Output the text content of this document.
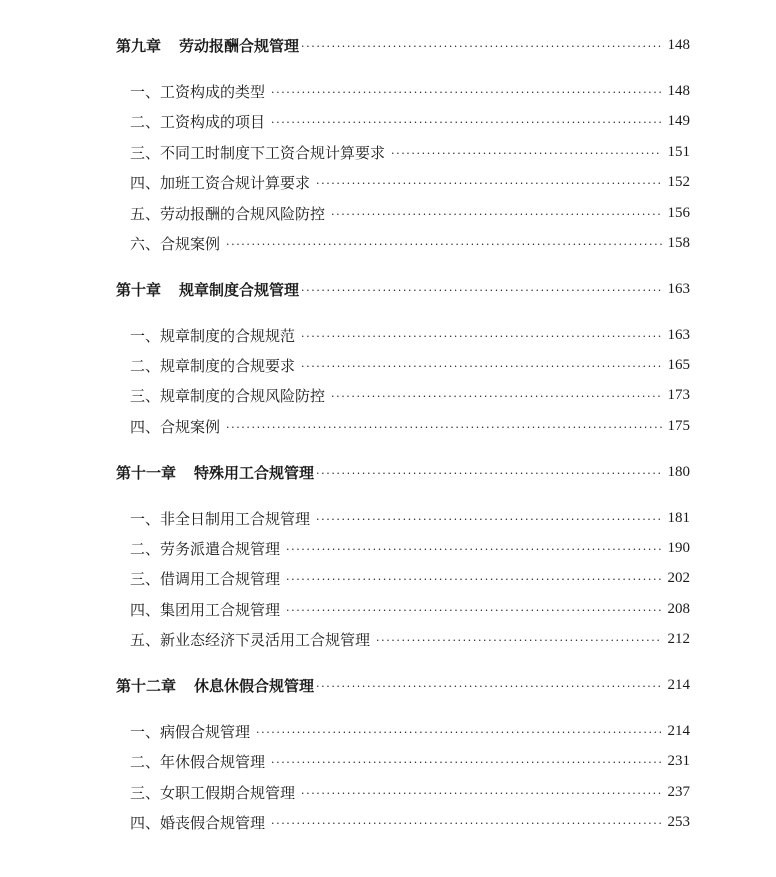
第九章 劳动报酬合规管理 ·····	148
一、工资构成的类型 ·····	148
二、工资构成的项目 ·····	149
三、不同工时制度下工资合规计算要求 ·····	151
四、加班工资合规计算要求 ·····	152
五、劳动报酬的合规风险防控 ·····	156
六、合规案例 ·····	158
第十章 规章制度合规管理 ·····	163
一、规章制度的合规规范 ·····	163
二、规章制度的合规要求 ·····	165
三、规章制度的合规风险防控 ·····	173
四、合规案例 ·····	175
第十一章 特殊用工合规管理 ·····	180
一、非全日制用工合规管理 ·····	181
二、劳务派遣合规管理 ·····	190
三、借调用工合规管理 ·····	202
四、集团用工合规管理 ·····	208
五、新业态经济下灵活用工合规管理 ·····	212
第十二章 休息休假合规管理 ·····	214
一、病假合规管理 ·····	214
二、年休假合规管理 ·····	231
三、女职工假期合规管理 ·····	237
四、婚丧假合规管理 ·····	253
